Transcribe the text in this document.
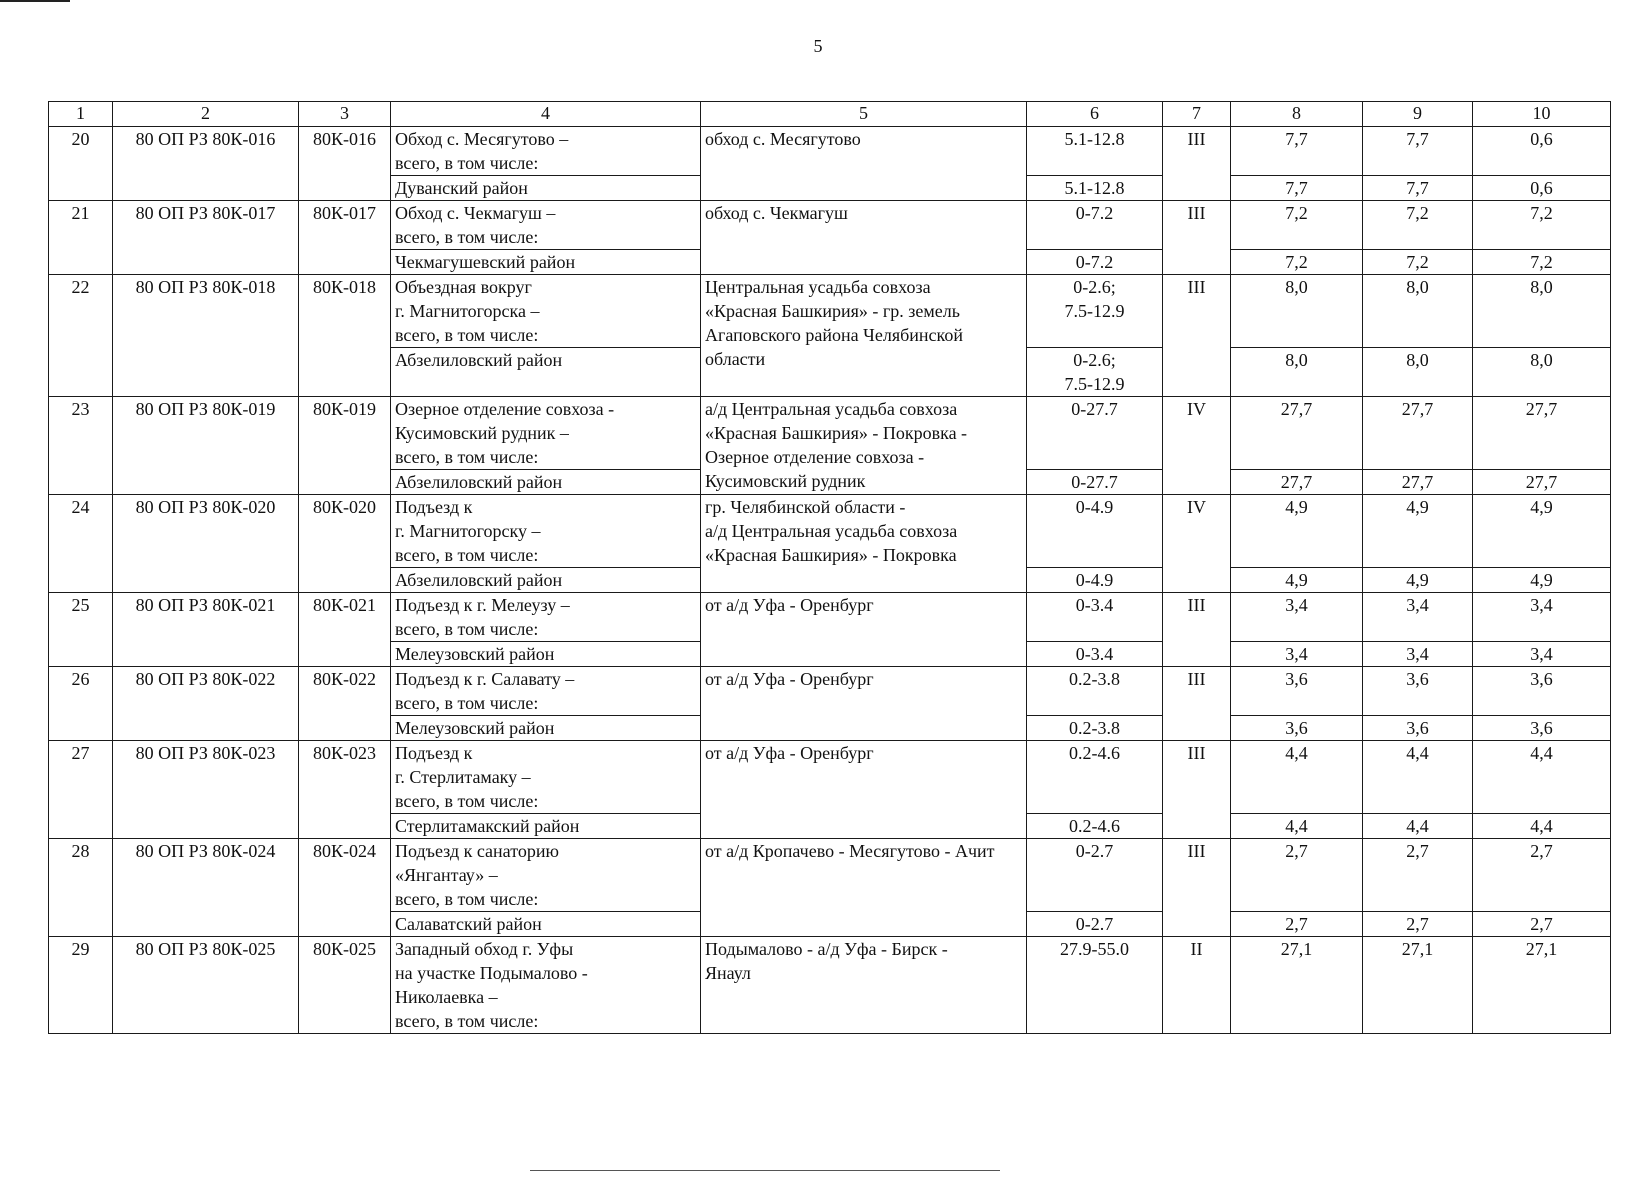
5
1	2	3	4	5	6	7	8	9	10
20	80 ОП РЗ 80К-016	80К-016	Обход с. Месягутово –
всего, в том числе:	обход с. Месягутово	5.1-12.8	III	7,7	7,7	0,6
			Дуванский район		5.1-12.8		7,7	7,7	0,6
21	80 ОП РЗ 80К-017	80К-017	Обход с. Чекмагуш –
всего, в том числе:	обход с. Чекмагуш	0-7.2	III	7,2	7,2	7,2
			Чекмагушевский район		0-7.2		7,2	7,2	7,2
22	80 ОП РЗ 80К-018	80К-018	Объездная вокруг
г. Магнитогорска –
всего, в том числе:	Центральная усадьба совхоза
«Красная Башкирия» - гр. земель
Агаповского района Челябинской
области	0-2.6;
7.5-12.9	III	8,0	8,0	8,0
			Абзелиловский район		0-2.6;
7.5-12.9		8,0	8,0	8,0
23	80 ОП РЗ 80К-019	80К-019	Озерное отделение совхоза -
Кусимовский рудник –
всего, в том числе:	а/д Центральная усадьба совхоза
«Красная Башкирия» - Покровка -
Озерное отделение совхоза -
Кусимовский рудник	0-27.7	IV	27,7	27,7	27,7
			Абзелиловский район		0-27.7		27,7	27,7	27,7
24	80 ОП РЗ 80К-020	80К-020	Подъезд к
г. Магнитогорску –
всего, в том числе:	гр. Челябинской области -
а/д Центральная усадьба совхоза
«Красная Башкирия» - Покровка	0-4.9	IV	4,9	4,9	4,9
			Абзелиловский район		0-4.9		4,9	4,9	4,9
25	80 ОП РЗ 80К-021	80К-021	Подъезд к г. Мелеузу –
всего, в том числе:	от а/д Уфа - Оренбург	0-3.4	III	3,4	3,4	3,4
			Мелеузовский район		0-3.4		3,4	3,4	3,4
26	80 ОП РЗ 80К-022	80К-022	Подъезд к г. Салавату –
всего, в том числе:	от а/д Уфа - Оренбург	0.2-3.8	III	3,6	3,6	3,6
			Мелеузовский район		0.2-3.8		3,6	3,6	3,6
27	80 ОП РЗ 80К-023	80К-023	Подъезд к
г. Стерлитамаку –
всего, в том числе:	от а/д Уфа - Оренбург	0.2-4.6	III	4,4	4,4	4,4
			Стерлитамакский район		0.2-4.6		4,4	4,4	4,4
28	80 ОП РЗ 80К-024	80К-024	Подъезд к санаторию
«Янгантау» –
всего, в том числе:	от а/д Кропачево - Месягутово - Ачит	0-2.7	III	2,7	2,7	2,7
			Салаватский район		0-2.7		2,7	2,7	2,7
29	80 ОП РЗ 80К-025	80К-025	Западный обход г. Уфы
на участке Подымалово -
Николаевка –
всего, в том числе:	Подымалово - а/д Уфа - Бирск -
Янаул	27.9-55.0	II	27,1	27,1	27,1
